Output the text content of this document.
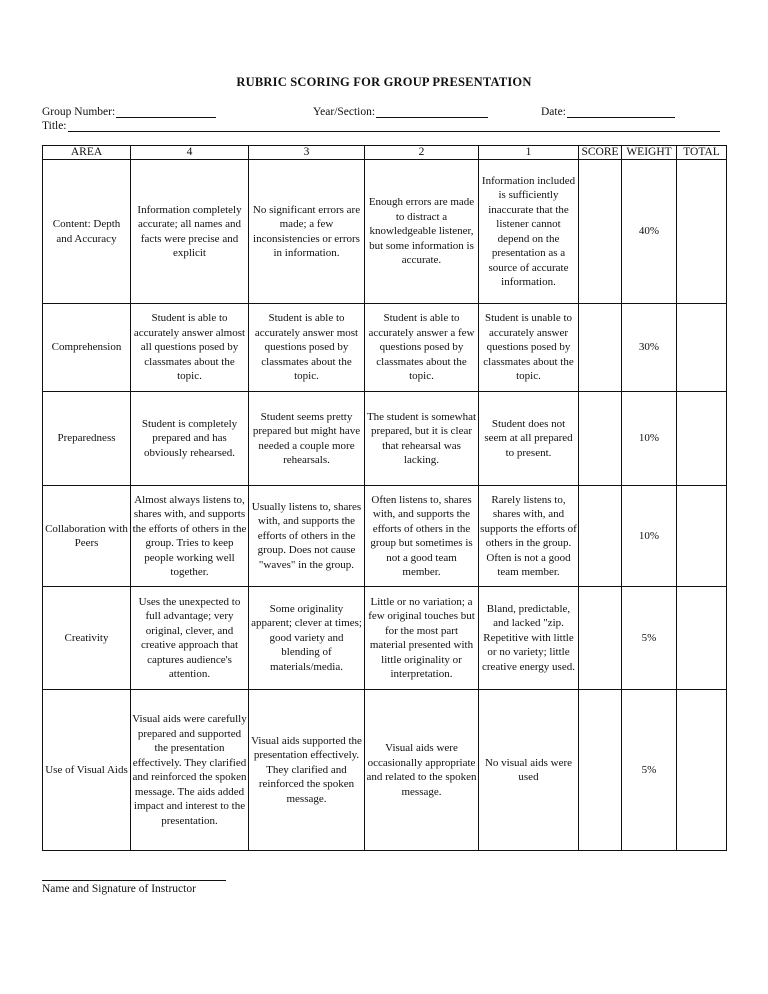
RUBRIC SCORING FOR GROUP PRESENTATION
Group Number:	Year/Section:	Date:
Title:
AREA	4	3	2	1	SCORE	WEIGHT	TOTAL
Content: Depth and Accuracy	Information completely accurate; all names and facts were precise and explicit	No significant errors are made; a few inconsistencies or errors in information.	Enough errors are made to distract a knowledgeable listener, but some information is accurate.	Information included is sufficiently inaccurate that the listener cannot depend on the presentation as a source of accurate information.		40%	
Comprehension	Student is able to accurately answer almost all questions posed by classmates about the topic.	Student is able to accurately answer most questions posed by classmates about the topic.	Student is able to accurately answer a few questions posed by classmates about the topic.	Student is unable to accurately answer questions posed by classmates about the topic.		30%	
Preparedness	Student is completely prepared and has obviously rehearsed.	Student seems pretty prepared but might have needed a couple more rehearsals.	The student is somewhat prepared, but it is clear that rehearsal was lacking.	Student does not seem at all prepared to present.		10%	
Collaboration with Peers	Almost always listens to, shares with, and supports the efforts of others in the group. Tries to keep people working well together.	Usually listens to, shares with, and supports the efforts of others in the group. Does not cause "waves" in the group.	Often listens to, shares with, and supports the efforts of others in the group but sometimes is not a good team member.	Rarely listens to, shares with, and supports the efforts of others in the group. Often is not a good team member.		10%	
Creativity	Uses the unexpected to full advantage; very original, clever, and creative approach that captures audience's attention.	Some originality apparent; clever at times; good variety and blending of materials/media.	Little or no variation; a few original touches but for the most part material presented with little originality or interpretation.	Bland, predictable, and lacked "zip. Repetitive with little or no variety; little creative energy used.		5%	
Use of Visual Aids	Visual aids were carefully prepared and supported the presentation effectively. They clarified and reinforced the spoken message. The aids added impact and interest to the presentation.	Visual aids supported the presentation effectively. They clarified and reinforced the spoken message.	Visual aids were occasionally appropriate and related to the spoken message.	No visual aids were used		5%	
Name and Signature of Instructor
